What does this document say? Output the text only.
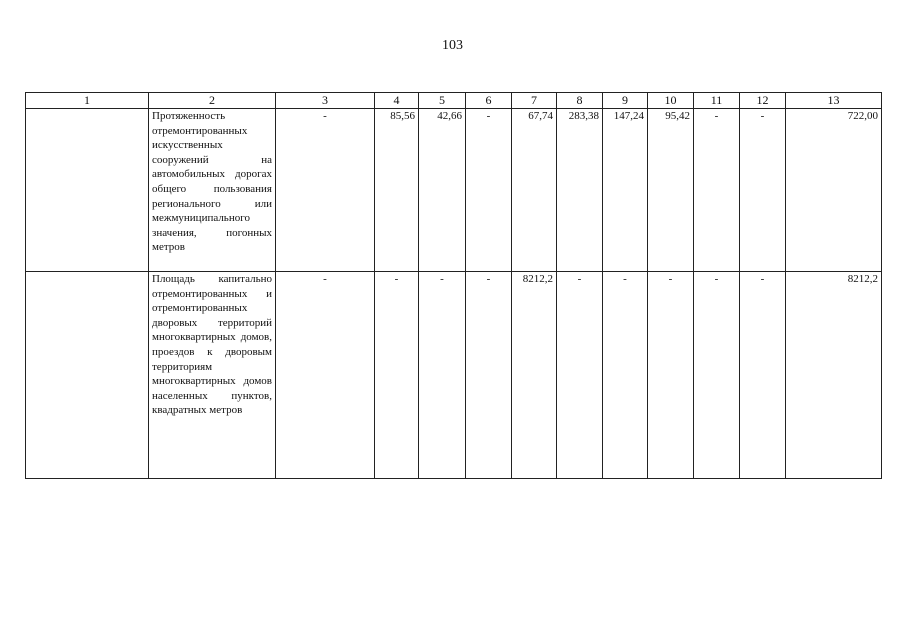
103
1	2	3	4	5	6	7	8	9	10	11	12	13
	Протяженность отремонтированных искусственных сооружений на автомобильных дорогах общего пользования регионального или межмуниципального значения, погонных метров	-	85,56	42,66	-	67,74	283,38	147,24	95,42	-	-	722,00
	Площадь капитально отремонтированных и отремонтированных дворовых территорий многоквартирных домов, проездов к дворовым территориям многоквартирных домов населенных пунктов, квадратных метров	-	-	-	-	8212,2	-	-	-	-	-	8212,2
